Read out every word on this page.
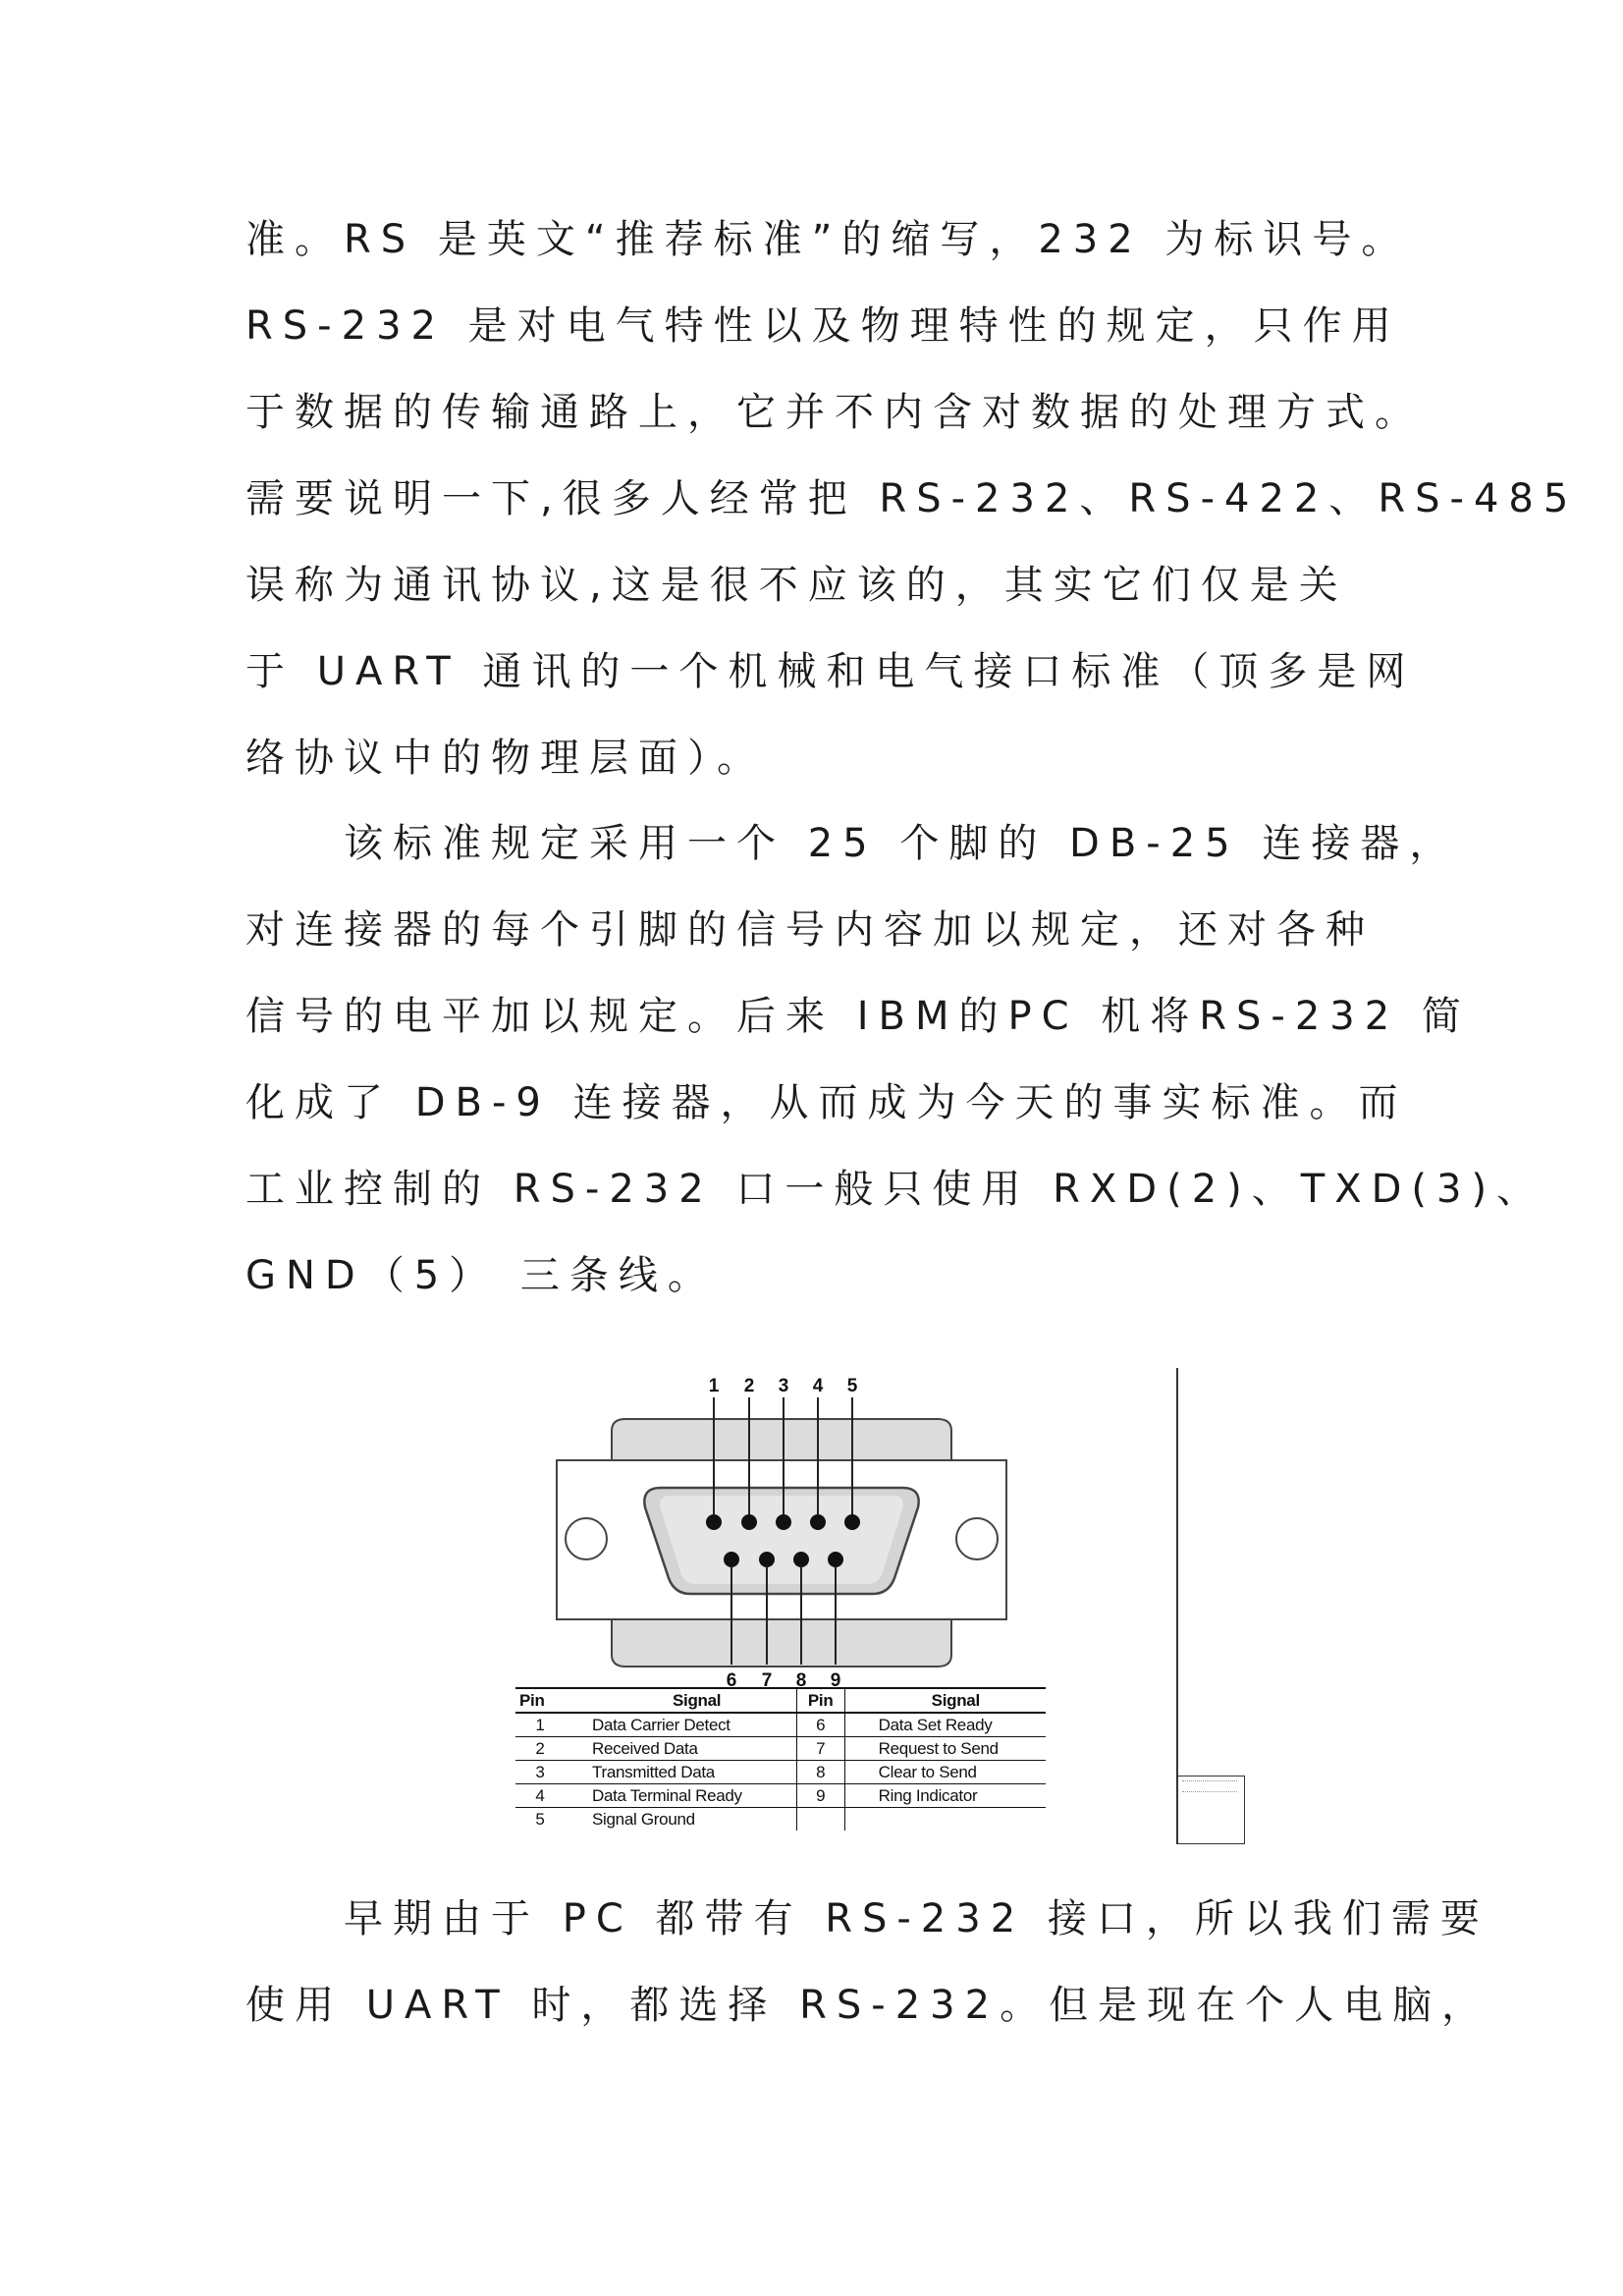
准。RS 是英文“推荐标准”的缩写，232 为标识号。
RS-232 是对电气特性以及物理特性的规定，只作用
于数据的传输通路上，它并不内含对数据的处理方式。
需要说明一下,很多人经常把 RS-232、RS-422、RS-485
误称为通讯协议,这是很不应该的，其实它们仅是关
于 UART 通讯的一个机械和电气接口标准（顶多是网
络协议中的物理层面）。
　　该标准规定采用一个 25 个脚的 DB-25 连接器，
对连接器的每个引脚的信号内容加以规定，还对各种
信号的电平加以规定。后来 IBM的PC 机将RS-232 简
化成了 DB-9 连接器，从而成为今天的事实标准。而
工业控制的 RS-232 口一般只使用 RXD(2)、TXD(3)、
GND（5） 三条线。
1 2 3 4 5
6 7 8 9
Pin	Signal	Pin	Signal
1	Data Carrier Detect	6	Data Set Ready
2	Received Data	7	Request to Send
3	Transmitted Data	8	Clear to Send
4	Data Terminal Ready	9	Ring Indicator
5	Signal Ground		
　　早期由于 PC 都带有 RS-232 接口，所以我们需要
使用 UART 时，都选择 RS-232。但是现在个人电脑，
